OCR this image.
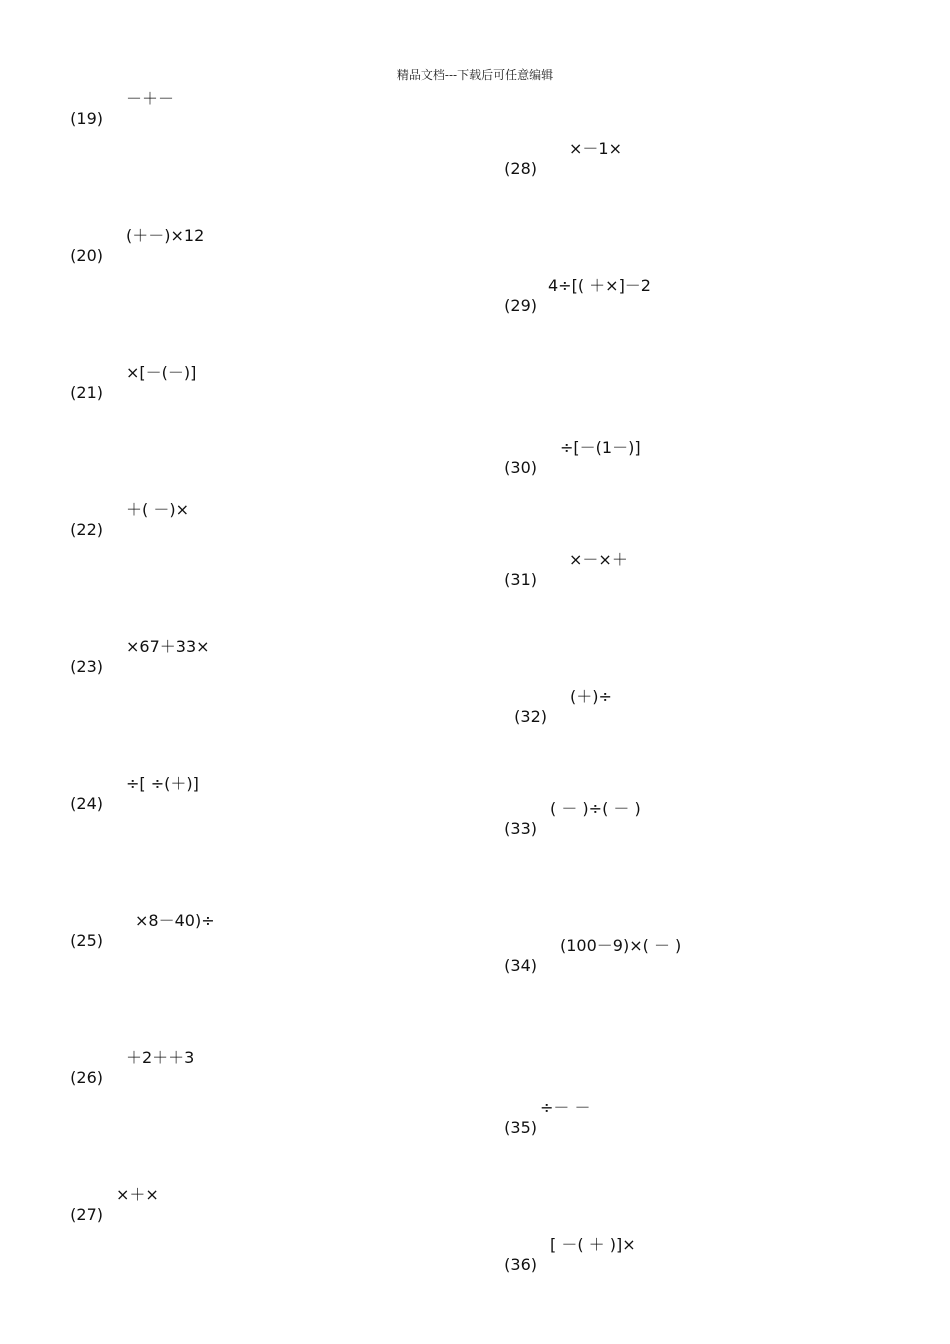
精品文档---下载后可任意编辑

(19)

－＋－

(20)

(＋－)×12

(21)

×[－(－)]

(22)

＋( －)×

(23)

×67＋33×

(24)

÷[ ÷(＋)]

(25)

×8－40)÷

(26)

＋2＋＋3

(27)

×＋×

(28)

×－1×

(29)

4÷[( ＋×]－2

(30)

÷[－(1－)]

(31)

×－×＋

(32)

(＋)÷

(33)

( － )÷( － )

(34)

(100－9)×( － )

(35)

÷－ －

(36)

[ －( ＋ )]×
